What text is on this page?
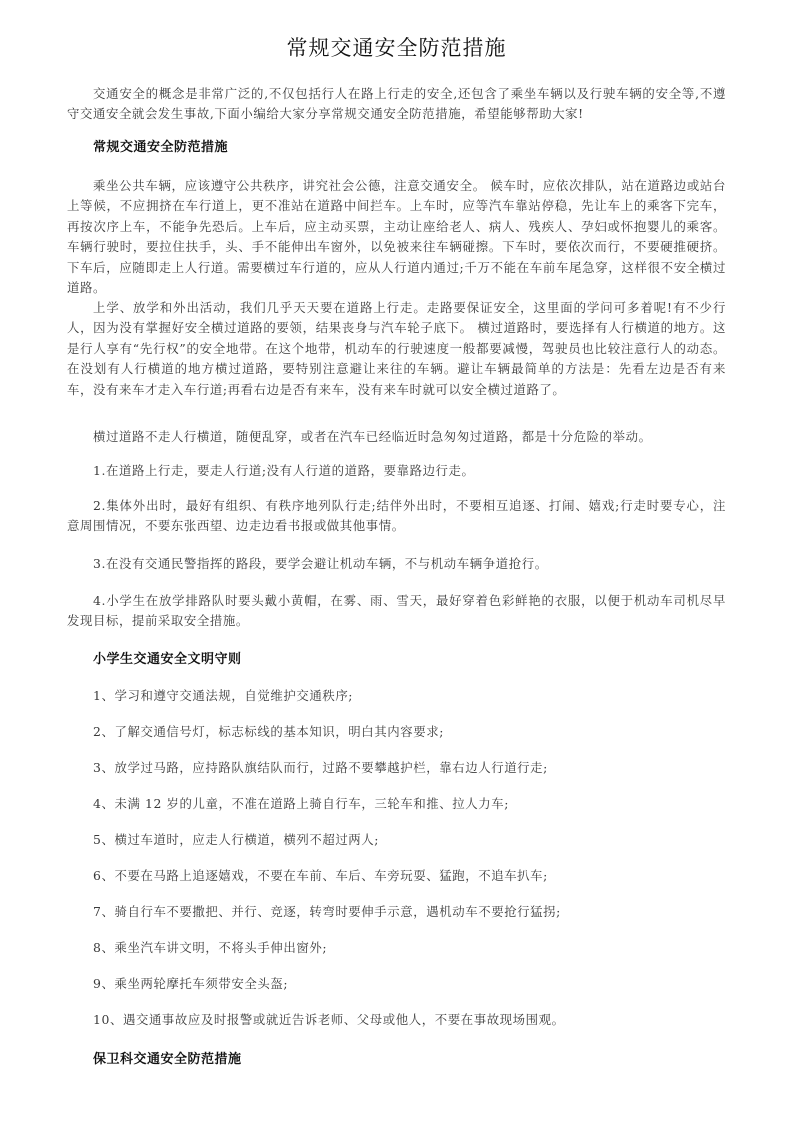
常规交通安全防范措施

交通安全的概念是非常广泛的,不仅包括行人在路上行走的安全,还包含了乘坐车辆以及行驶车辆的安全等,不遵守交通安全就会发生事故,下面小编给大家分享常规交通安全防范措施，希望能够帮助大家!

常规交通安全防范措施

乘坐公共车辆，应该遵守公共秩序，讲究社会公德，注意交通安全。 候车时，应依次排队，站在道路边或站台上等候，不应拥挤在车行道上，更不准站在道路中间拦车。上车时，应等汽车靠站停稳，先让车上的乘客下完车，再按次序上车，不能争先恐后。上车后，应主动买票，主动让座给老人、病人、残疾人、孕妇或怀抱婴儿的乘客。车辆行驶时，要拉住扶手，头、手不能伸出车窗外，以免被来往车辆碰擦。下车时，要依次而行，不要硬推硬挤。下车后，应随即走上人行道。需要横过车行道的，应从人行道内通过;千万不能在车前车尾急穿，这样很不安全横过道路。

上学、放学和外出活动，我们几乎天天要在道路上行走。走路要保证安全，这里面的学问可多着呢!有不少行人，因为没有掌握好安全横过道路的要领，结果丧身与汽车轮子底下。 横过道路时，要选择有人行横道的地方。这是行人享有“先行权”的安全地带。在这个地带，机动车的行驶速度一般都要减慢，驾驶员也比较注意行人的动态。在没划有人行横道的地方横过道路，要特别注意避让来往的车辆。避让车辆最简单的方法是：先看左边是否有来车，没有来车才走入车行道;再看右边是否有来车，没有来车时就可以安全横过道路了。

横过道路不走人行横道，随便乱穿，或者在汽车已经临近时急匆匆过道路，都是十分危险的举动。

1.在道路上行走，要走人行道;没有人行道的道路，要靠路边行走。

2.集体外出时，最好有组织、有秩序地列队行走;结伴外出时，不要相互追逐、打闹、嬉戏;行走时要专心，注意周围情况，不要东张西望、边走边看书报或做其他事情。

3.在没有交通民警指挥的路段，要学会避让机动车辆，不与机动车辆争道抢行。

4.小学生在放学排路队时要头戴小黄帽，在雾、雨、雪天，最好穿着色彩鲜艳的衣服，以便于机动车司机尽早发现目标，提前采取安全措施。

小学生交通安全文明守则

1、学习和遵守交通法规，自觉维护交通秩序;

2、了解交通信号灯，标志标线的基本知识，明白其内容要求;

3、放学过马路，应持路队旗结队而行，过路不要攀越护栏，靠右边人行道行走;

4、未满 12 岁的儿童，不准在道路上骑自行车，三轮车和推、拉人力车;

5、横过车道时，应走人行横道，横列不超过两人;

6、不要在马路上追逐嬉戏，不要在车前、车后、车旁玩耍、猛跑，不追车扒车;

7、骑自行车不要撒把、并行、竞逐，转弯时要伸手示意，遇机动车不要抢行猛拐;

8、乘坐汽车讲文明，不将头手伸出窗外;

9、乘坐两轮摩托车须带安全头盔;

10、遇交通事故应及时报警或就近告诉老师、父母或他人，不要在事故现场围观。

保卫科交通安全防范措施
